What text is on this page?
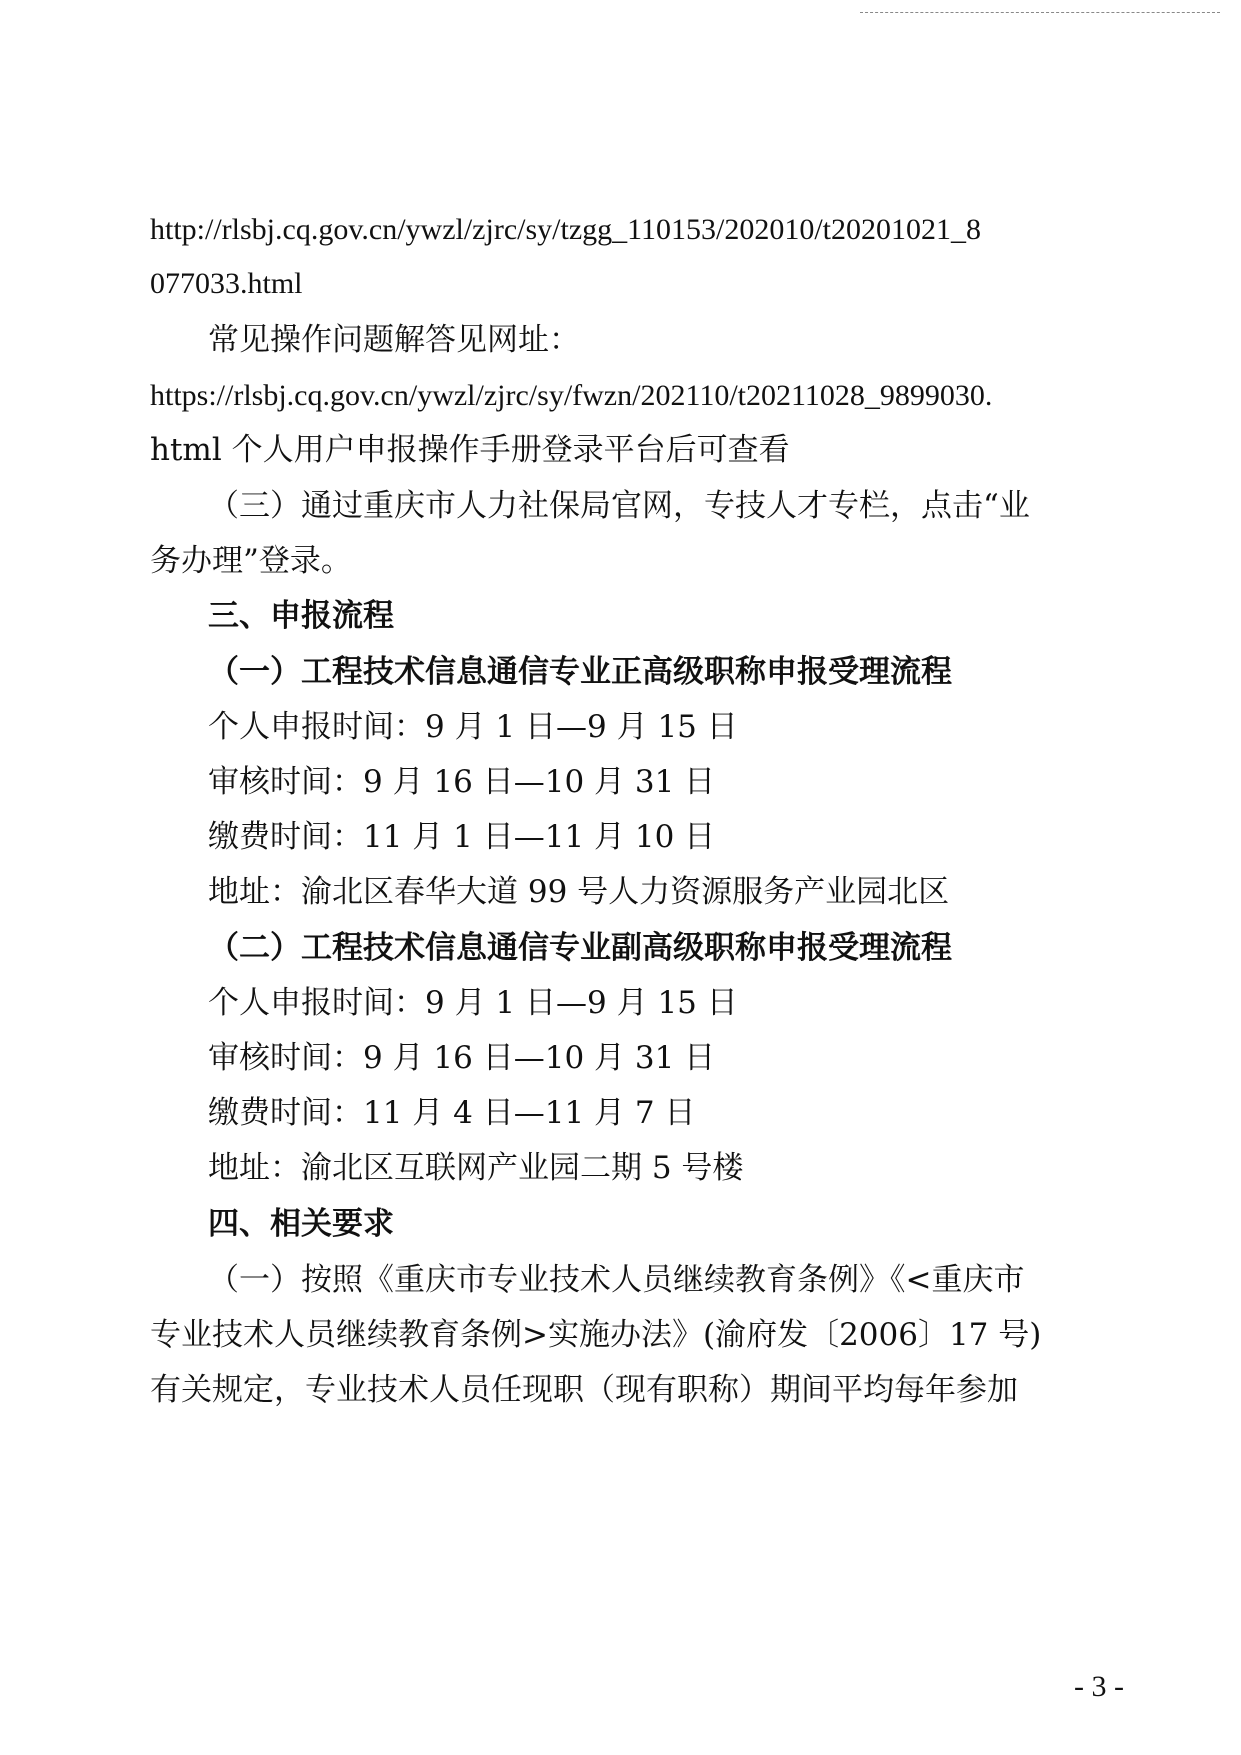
http://rlsbj.cq.gov.cn/ywzl/zjrc/sy/tzgg_110153/202010/t20201021_8
077033.html
常见操作问题解答见网址：
https://rlsbj.cq.gov.cn/ywzl/zjrc/sy/fwzn/202110/t20211028_9899030.
html 个人用户申报操作手册登录平台后可查看
（三）通过重庆市人力社保局官网，专技人才专栏，点击“业
务办理”登录。
三、申报流程
（一）工程技术信息通信专业正高级职称申报受理流程
个人申报时间：9 月 1 日—9 月 15 日
审核时间：9 月 16 日—10 月 31 日
缴费时间：11 月 1 日—11 月 10 日
地址：渝北区春华大道 99 号人力资源服务产业园北区
（二）工程技术信息通信专业副高级职称申报受理流程
个人申报时间：9 月 1 日—9 月 15 日
审核时间：9 月 16 日—10 月 31 日
缴费时间：11 月 4 日—11 月 7 日
地址：渝北区互联网产业园二期 5 号楼
四、相关要求
（一）按照《重庆市专业技术人员继续教育条例》《<重庆市
专业技术人员继续教育条例>实施办法》(渝府发〔2006〕17 号)
有关规定，专业技术人员任现职（现有职称）期间平均每年参加
- 3 -
